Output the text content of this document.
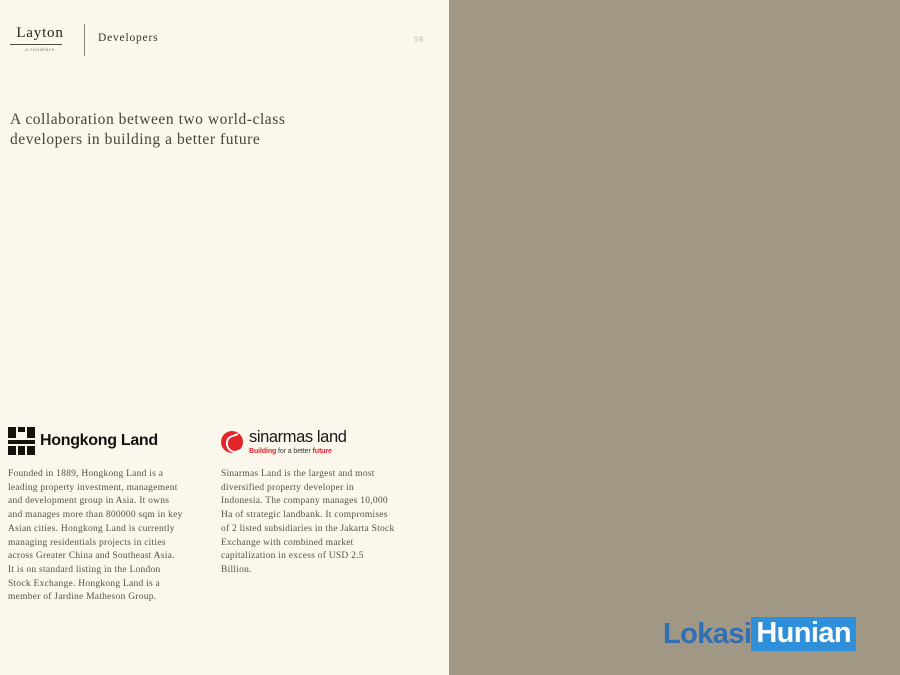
Layton
a residence
Developers	59
A collaboration between two world-class developers in building a better future
Hongkong Land
Founded in 1889, Hongkong Land is a leading property investment, management and development group in Asia. It owns and manages more than 800000 sqm in key Asian cities. Hongkong Land is currently managing residentials projects in cities across Greater China and Southeast Asia. It is on standard listing in the London Stock Exchange. Hongkong Land is a member of Jardine Matheson Group.
sinarmas land
Building for a better future
Sinarmas Land is the largest and most diversified property developer in Indonesia. The company manages 10,000 Ha of strategic landbank. It compromises of 2 listed subsidiaries in the Jakarta Stock Exchange with combined market capitalization in excess of USD 2.5 Billion.
Lokasi Hunian
